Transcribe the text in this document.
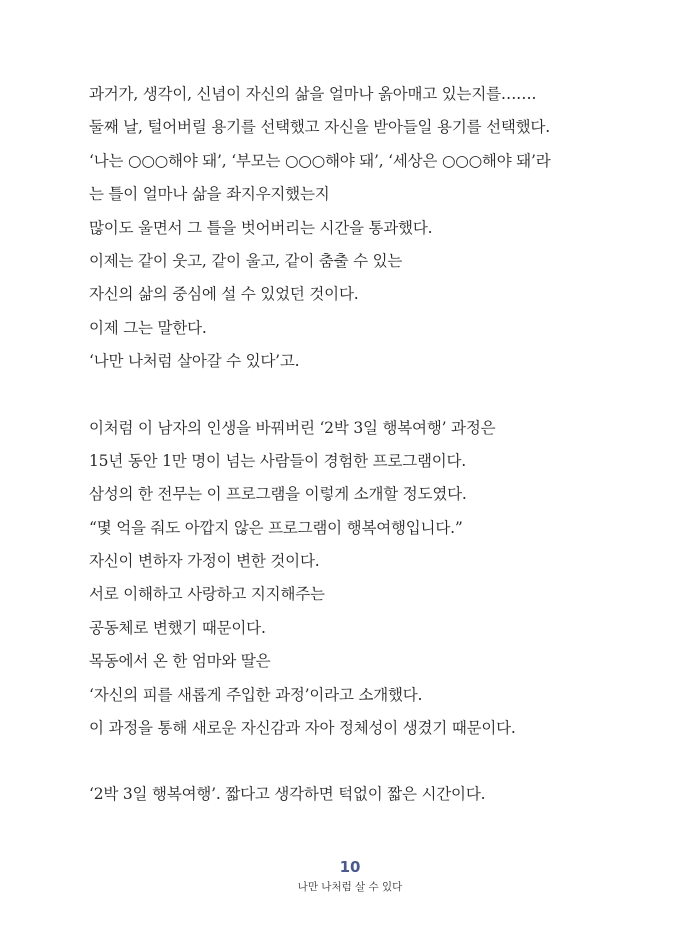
과거가, 생각이, 신념이 자신의 삶을 얼마나 옭아매고 있는지를…….
둘째 날, 털어버릴 용기를 선택했고 자신을 받아들일 용기를 선택했다.
‘나는 ○○○해야 돼’, ‘부모는 ○○○해야 돼’, ‘세상은 ○○○해야 돼’라
는 틀이 얼마나 삶을 좌지우지했는지
많이도 울면서 그 틀을 벗어버리는 시간을 통과했다.
이제는 같이 웃고, 같이 울고, 같이 춤출 수 있는
자신의 삶의 중심에 설 수 있었던 것이다.
이제 그는 말한다.
‘나만 나처럼 살아갈 수 있다’고.
이처럼 이 남자의 인생을 바꿔버린 ‘2박 3일 행복여행’ 과정은
15년 동안 1만 명이 넘는 사람들이 경험한 프로그램이다.
삼성의 한 전무는 이 프로그램을 이렇게 소개할 정도였다.
“몇 억을 줘도 아깝지 않은 프로그램이 행복여행입니다.”
자신이 변하자 가정이 변한 것이다.
서로 이해하고 사랑하고 지지해주는
공동체로 변했기 때문이다.
목동에서 온 한 엄마와 딸은
‘자신의 피를 새롭게 주입한 과정’이라고 소개했다.
이 과정을 통해 새로운 자신감과 자아 정체성이 생겼기 때문이다.
‘2박 3일 행복여행’. 짧다고 생각하면 턱없이 짧은 시간이다.
10
나만 나처럼 살 수 있다
